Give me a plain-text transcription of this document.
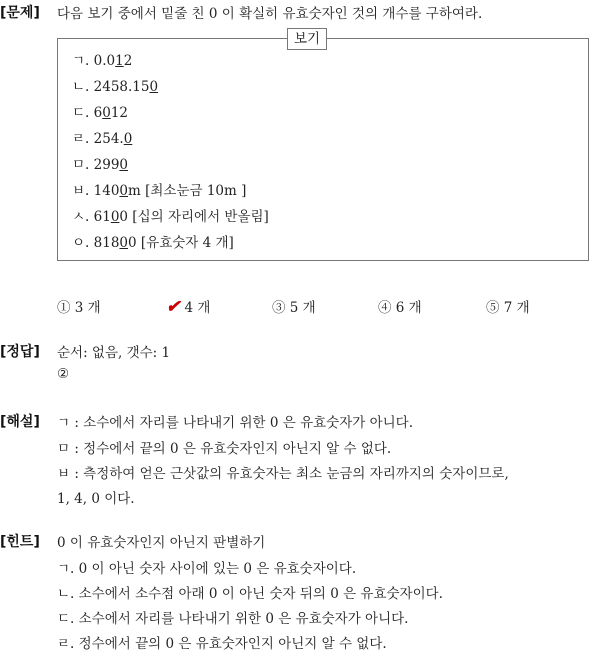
[문제] 다음 보기 중에서 밑줄 친 0 이 확실히 유효숫자인 것의 개수를 구하여라.
보기
ㄱ. 0.012
ㄴ. 2458.150
ㄷ. 6012
ㄹ. 254.0
ㅁ. 2990
ㅂ. 1400m [최소눈금 10m ]
ㅅ. 6100 [십의 자리에서 반올림]
ㅇ. 81800 [유효숫자 4 개]
① 3 개	✔ 4 개	③ 5 개	④ 6 개	⑤ 7 개
[정답] 순서: 없음, 갯수: 1
②
[해설] ㄱ : 소수에서 자리를 나타내기 위한 0 은 유효숫자가 아니다.
ㅁ : 정수에서 끝의 0 은 유효숫자인지 아닌지 알 수 없다.
ㅂ : 측정하여 얻은 근삿값의 유효숫자는 최소 눈금의 자리까지의 숫자이므로,
1, 4, 0 이다.
[힌트] 0 이 유효숫자인지 아닌지 판별하기
ㄱ. 0 이 아닌 숫자 사이에 있는 0 은 유효숫자이다.
ㄴ. 소수에서 소수점 아래 0 이 아닌 숫자 뒤의 0 은 유효숫자이다.
ㄷ. 소수에서 자리를 나타내기 위한 0 은 유효숫자가 아니다.
ㄹ. 정수에서 끝의 0 은 유효숫자인지 아닌지 알 수 없다.
